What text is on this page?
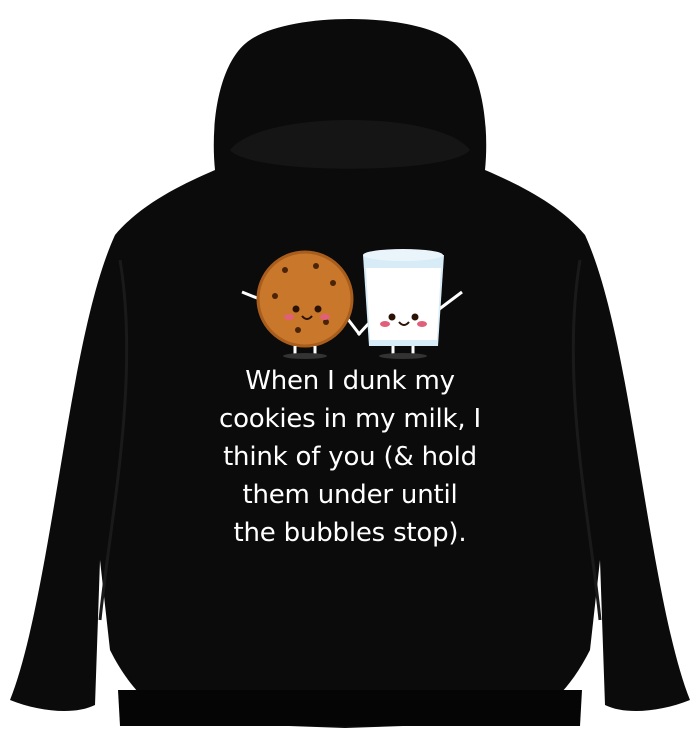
When I dunk my
cookies in my milk, I
think of you (& hold
them under until
the bubbles stop).
